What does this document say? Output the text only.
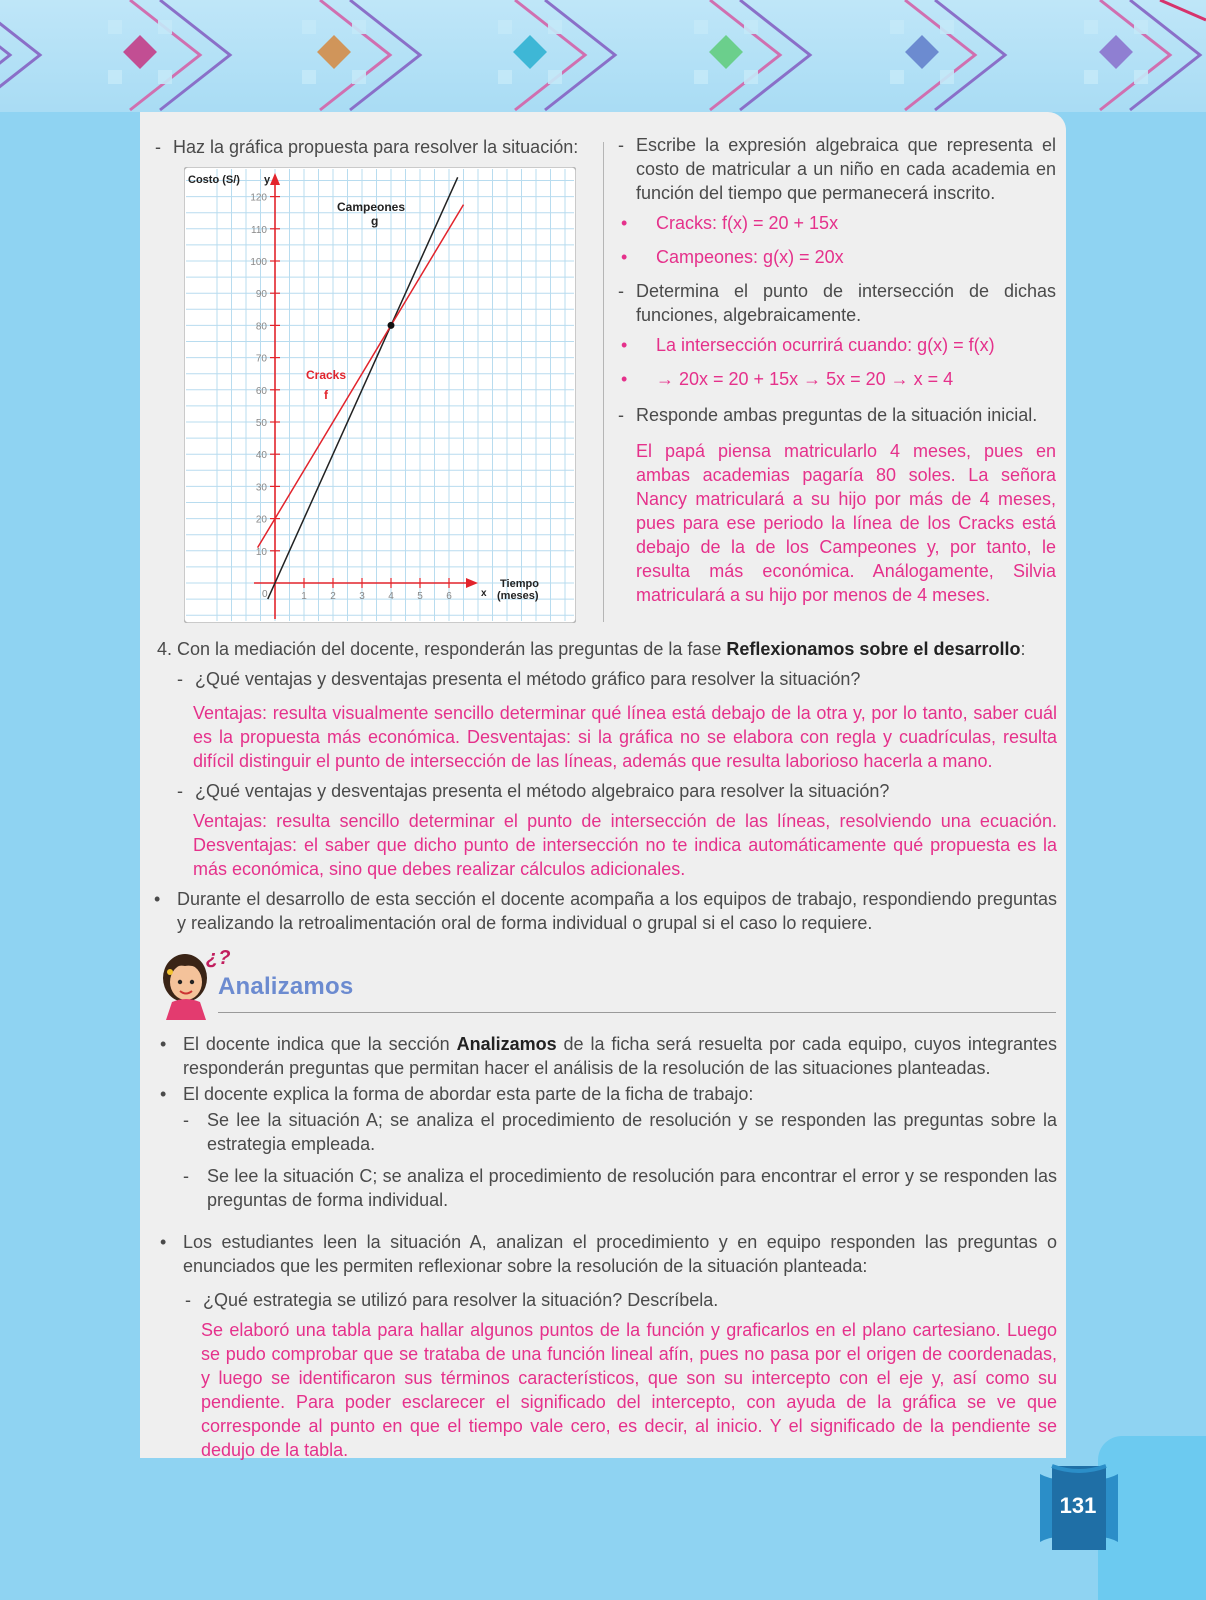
- Haz la gráfica propuesta para resolver la situación:
10
20
30
40
50
60
70
80
90
100
110
120
1 2 3 4 5 6
Costo (S/) y
Tiempo
(meses)
x
0
Campeones
g
Cracks
f
- Escribe la expresión algebraica que representa el costo de matricular a un niño en cada academia en función del tiempo que permanecerá inscrito.
• Cracks: f(x) = 20 + 15x
• Campeones: g(x) = 20x
- Determina el punto de intersección de dichas funciones, algebraicamente.
• La intersección ocurrirá cuando: g(x) = f(x)
• → 20x = 20 + 15x → 5x = 20 → x = 4
- Responde ambas preguntas de la situación inicial.
El papá piensa matricularlo 4 meses, pues en ambas academias pagaría 80 soles. La señora Nancy matriculará a su hijo por más de 4 meses, pues para ese periodo la línea de los Cracks está debajo de la de los Campeones y, por tanto, le resulta más económica. Análogamente, Silvia matriculará a su hijo por menos de 4 meses.
4. Con la mediación del docente, responderán las preguntas de la fase Reflexionamos sobre el desarrollo:
- ¿Qué ventajas y desventajas presenta el método gráfico para resolver la situación?
Ventajas: resulta visualmente sencillo determinar qué línea está debajo de la otra y, por lo tanto, saber cuál es la propuesta más económica. Desventajas: si la gráfica no se elabora con regla y cuadrículas, resulta difícil distinguir el punto de intersección de las líneas, además que resulta laborioso hacerla a mano.
- ¿Qué ventajas y desventajas presenta el método algebraico para resolver la situación?
Ventajas: resulta sencillo determinar el punto de intersección de las líneas, resolviendo una ecuación. Desventajas: el saber que dicho punto de intersección no te indica automáticamente qué propuesta es la más económica, sino que debes realizar cálculos adicionales.
• Durante el desarrollo de esta sección el docente acompaña a los equipos de trabajo, respondiendo preguntas y realizando la retroalimentación oral de forma individual o grupal si el caso lo requiere.
¿?
Analizamos
• El docente indica que la sección Analizamos de la ficha será resuelta por cada equipo, cuyos integrantes responderán preguntas que permitan hacer el análisis de la resolución de las situaciones planteadas.
• El docente explica la forma de abordar esta parte de la ficha de trabajo:
- Se lee la situación A; se analiza el procedimiento de resolución y se responden las preguntas sobre la estrategia empleada.
- Se lee la situación C; se analiza el procedimiento de resolución para encontrar el error y se responden las preguntas de forma individual.
• Los estudiantes leen la situación A, analizan el procedimiento y en equipo responden las preguntas o enunciados que les permiten reflexionar sobre la resolución de la situación planteada:
- ¿Qué estrategia se utilizó para resolver la situación? Descríbela.
Se elaboró una tabla para hallar algunos puntos de la función y graficarlos en el plano cartesiano. Luego se pudo comprobar que se trataba de una función lineal afín, pues no pasa por el origen de coordenadas, y luego se identificaron sus términos característicos, que son su intercepto con el eje y, así como su pendiente. Para poder esclarecer el significado del intercepto, con ayuda de la gráfica se ve que corresponde al punto en que el tiempo vale cero, es decir, al inicio. Y el significado de la pendiente se dedujo de la tabla.
131
